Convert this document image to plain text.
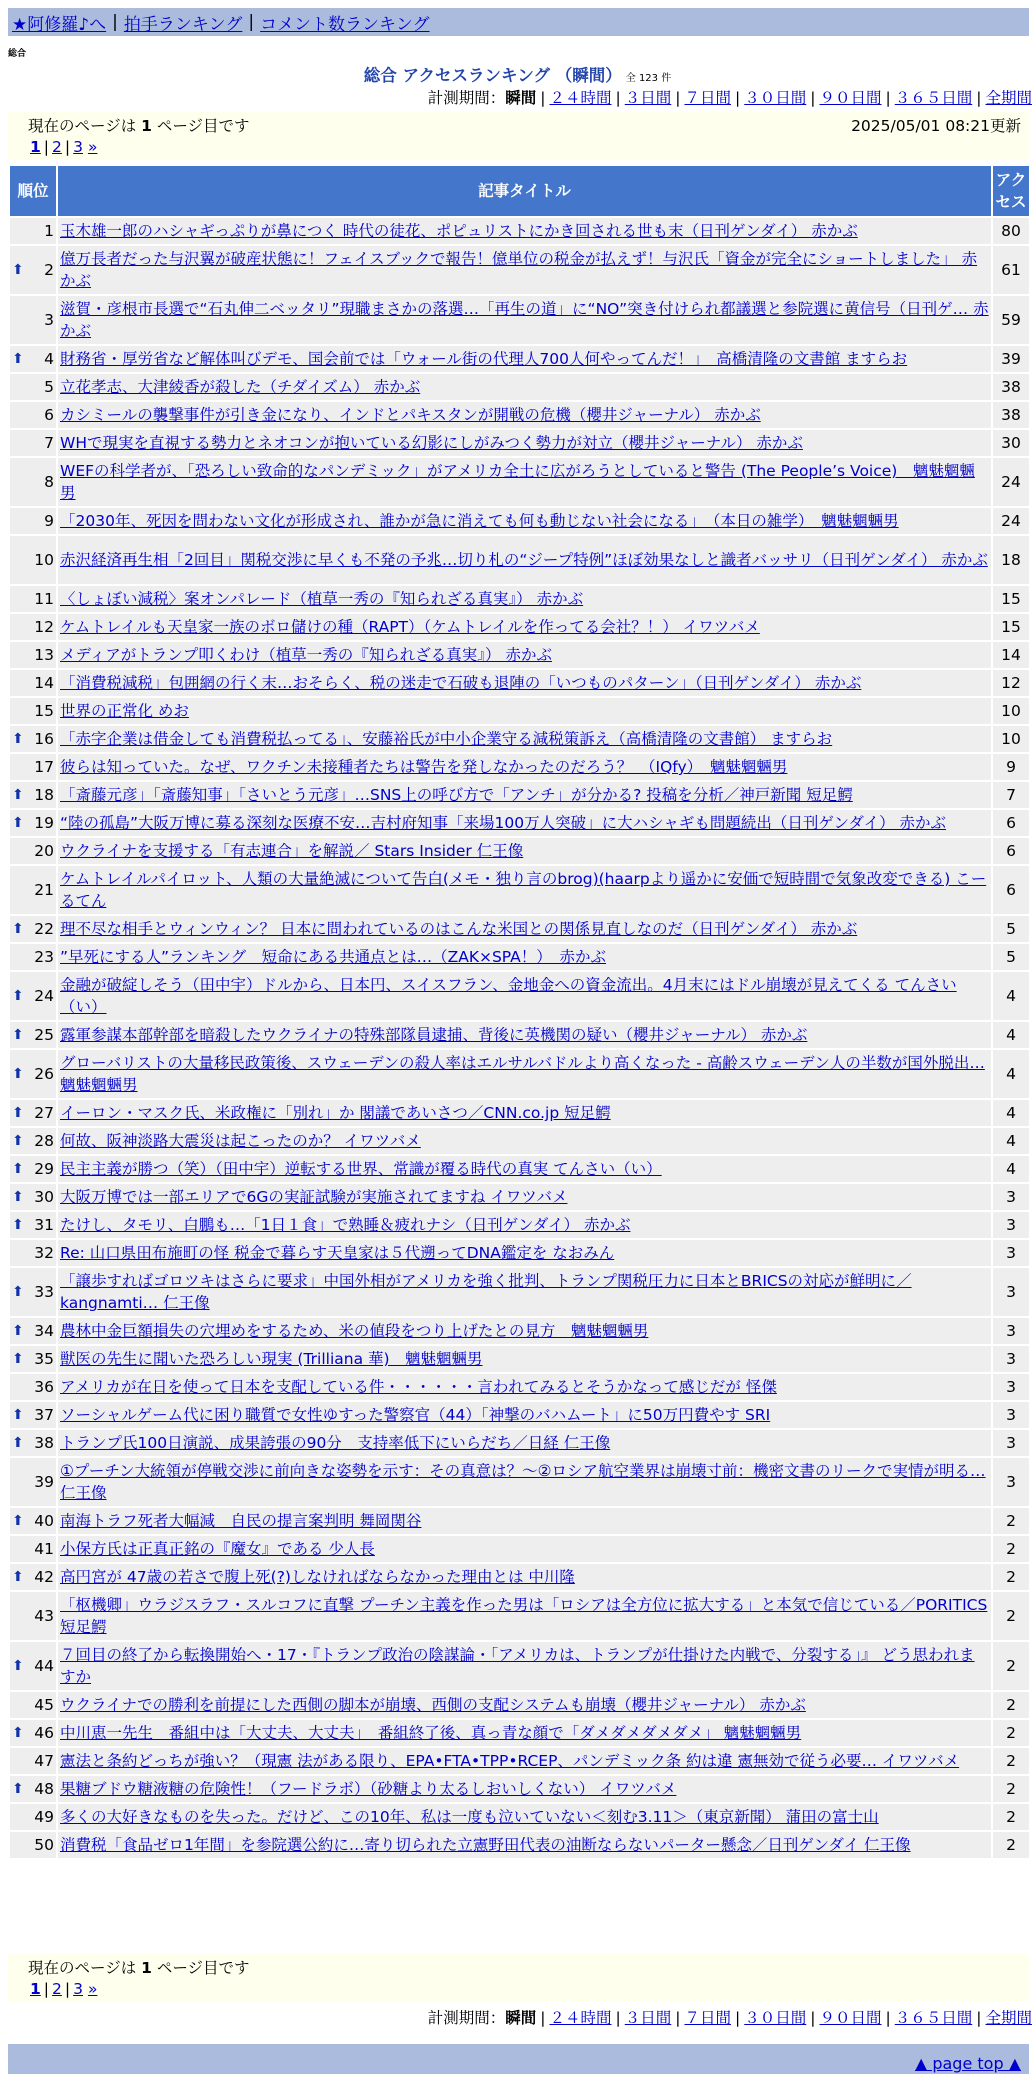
★阿修羅♪へ | 拍手ランキング | コメント数ランキング
総合
総合 アクセスランキング （瞬間） 全 123 件
計測期間：瞬間 | ２４時間 | ３日間 | ７日間 | ３０日間 | ９０日間 | ３６５日間 | 全期間
現在のページは 1 ページ目です	2025/05/01 08:21更新
1 | 2 | 3
»
順位	記事タイトル	アクセス
1	玉木雄一郎のハシャギっぷりが鼻につく 時代の徒花、ポピュリストにかき回される世も末（日刊ゲンダイ） 赤かぶ	80

⬆ 2	億万長者だった与沢翼が破産状態に！フェイスブックで報告！億単位の税金が払えず！与沢氏「資金が完全にショートしました」 赤かぶ	61
3	滋賀・彦根市長選で“石丸伸二ベッタリ”現職まさかの落選…「再生の道」に“NO”突き付けられ都議選と参院選に黄信号（日刊ゲ… 赤かぶ	59

⬆ 4	財務省・厚労省など解体叫びデモ、国会前では「ウォール街の代理人700人何やってんだ！」　高橋清隆の文書館 ますらお	39
5	立花孝志、大津綾香が殺した（チダイズム） 赤かぶ	38
6	カシミールの襲撃事件が引き金になり、インドとパキスタンが開戦の危機（櫻井ジャーナル） 赤かぶ	38
7	WHで現実を直視する勢力とネオコンが抱いている幻影にしがみつく勢力が対立（櫻井ジャーナル） 赤かぶ	30
8	WEFの科学者が、「恐ろしい致命的なパンデミック」がアメリカ全土に広がろうとしていると警告 (The People’s Voice)　魑魅魍魎男	24
9	「2030年、死因を問わない文化が形成され、誰かが急に消えても何も動じない社会になる」　（本日の雑学）　魑魅魍魎男	24
10	赤沢経済再生相「2回目」関税交渉に早くも不発の予兆…切り札の“ジープ特例”ほぼ効果なしと識者バッサリ（日刊ゲンダイ） 赤かぶ	18
11	〈しょぼい減税〉案オンパレード（植草一秀の『知られざる真実』） 赤かぶ	15
12	ケムトレイルも天皇家一族のボロ儲けの種（RAPT）（ケムトレイルを作ってる会社？！） イワツバメ	15
13	メディアがトランプ叩くわけ（植草一秀の『知られざる真実』） 赤かぶ	14
14	「消費税減税」包囲網の行く末…おそらく、税の迷走で石破も退陣の「いつものパターン」（日刊ゲンダイ） 赤かぶ	12
15	世界の正常化 めお	10

⬆ 16	「赤字企業は借金しても消費税払ってる」、安藤裕氏が中小企業守る減税策訴え（高橋清隆の文書館） ますらお	10
17	彼らは知っていた。なぜ、ワクチン未接種者たちは警告を発しなかったのだろう？　（IQfy）　魑魅魍魎男	9

⬆ 18	「斎藤元彦」「斎藤知事」「さいとう元彦」…SNS上の呼び方で「アンチ」が分かる? 投稿を分析／神戸新聞 短足鰐	7

⬆ 19	“陸の孤島”大阪万博に募る深刻な医療不安…吉村府知事「来場100万人突破」に大ハシャギも問題続出（日刊ゲンダイ） 赤かぶ	6
20	ウクライナを支援する「有志連合」を解説／ Stars Insider 仁王像	6
21	ケムトレイルパイロット、人類の大量絶滅について告白(メモ・独り言のbrog)(haarpより遥かに安価で短時間で気象改変できる) こーるてん	6

⬆ 22	理不尽な相手とウィンウィン？ 日本に問われているのはこんな米国との関係見直しなのだ（日刊ゲンダイ） 赤かぶ	5
23	”早死にする人”ランキング　短命にある共通点とは…（ZAK×SPA！）　赤かぶ	5

⬆ 24	金融が破綻しそう（田中宇）ドルから、日本円、スイスフラン、金地金への資金流出。4月末にはドル崩壊が見えてくる てんさい（い）	4

⬆ 25	露軍参謀本部幹部を暗殺したウクライナの特殊部隊員逮捕、背後に英機関の疑い（櫻井ジャーナル） 赤かぶ	4

⬆ 26	グローバリストの大量移民政策後、スウェーデンの殺人率はエルサルバドルより高くなった - 高齢スウェーデン人の半数が国外脱出… 魑魅魍魎男	4

⬆ 27	イーロン・マスク氏、米政権に「別れ」か 閣議であいさつ／CNN.co.jp 短足鰐	4

⬆ 28	何故、阪神淡路大震災は起こったのか？ イワツバメ	4

⬆ 29	民主主義が勝つ（笑）（田中宇）逆転する世界、常識が覆る時代の真実 てんさい（い）	4

⬆ 30	大阪万博では一部エリアで6Gの実証試験が実施されてますね イワツバメ	3

⬆ 31	たけし、タモリ、白鵬も…「1日１食」で熟睡＆疲れナシ（日刊ゲンダイ） 赤かぶ	3
32	Re: 山口県田布施町の怪 税金で暮らす天皇家は５代遡ってDNA鑑定を なおみん	3

⬆ 33	「譲歩すればゴロツキはさらに要求」中国外相がアメリカを強く批判、トランプ関税圧力に日本とBRICSの対応が鮮明に／kangnamti… 仁王像	3

⬆ 34	農林中金巨額損失の穴埋めをするため、米の値段をつり上げたとの見方　魑魅魍魎男	3

⬆ 35	獣医の先生に聞いた恐ろしい現実 (Trilliana 華)　魑魅魍魎男	3
36	アメリカが在日を使って日本を支配している件・・・・・・言われてみるとそうかなって感じだが 怪傑	3

⬆ 37	ソーシャルゲーム代に困り職質で女性ゆすった警察官（44）「神撃のバハムート」に50万円費やす SRI	3

⬆ 38	トランプ氏100日演説、成果誇張の90分　支持率低下にいらだち／日経 仁王像	3
39	①プーチン大統領が停戦交渉に前向きな姿勢を示す：その真意は？～②ロシア航空業界は崩壊寸前：機密文書のリークで実情が明る… 仁王像	3

⬆ 40	南海トラフ死者大幅減　自民の提言案判明 舞岡関谷	2
41	小保方氏は正真正銘の『魔女』である 少人長	2

⬆ 42	高円宮が 47歳の若さで腹上死(?)しなければならなかった理由とは 中川隆	2
43	「枢機卿」ウラジスラフ・スルコフに直撃 プーチン主義を作った男は「ロシアは全方位に拡大する」と本気で信じている／PORITICS 短足鰐	2

⬆ 44	７回目の終了から転換開始へ・17・『トランプ政治の陰謀論・「アメリカは、トランプが仕掛けた内戦で、分裂する」』 どう思われますか	2
45	ウクライナでの勝利を前提にした西側の脚本が崩壊、西側の支配システムも崩壊（櫻井ジャーナル） 赤かぶ	2

⬆ 46	中川恵一先生　番組中は「大丈夫、大丈夫」　番組終了後、真っ青な顔で「ダメダメダメダメ」 魑魅魍魎男	2
47	憲法と条約どっちが強い？（現憲 法がある限り、EPA•FTA•TPP•RCEP、パンデミック条 約は違 憲無効で従う必要… イワツバメ	2

⬆ 48	果糖ブドウ糖液糖の危険性！（フードラボ）（砂糖より太るしおいしくない） イワツバメ	2
49	多くの大好きなものを失った。だけど、この10年、私は一度も泣いていない＜刻む3.11＞（東京新聞） 蒲田の富士山	2
50	消費税「食品ゼロ1年間」を参院選公約に…寄り切られた立憲野田代表の油断ならないパーター懸念／日刊ゲンダイ 仁王像	2
現在のページは 1 ページ目です
1 | 2 | 3
»
計測期間：瞬間 | ２４時間 | ３日間 | ７日間 | ３０日間 | ９０日間 | ３６５日間 | 全期間
▲ page top ▲
